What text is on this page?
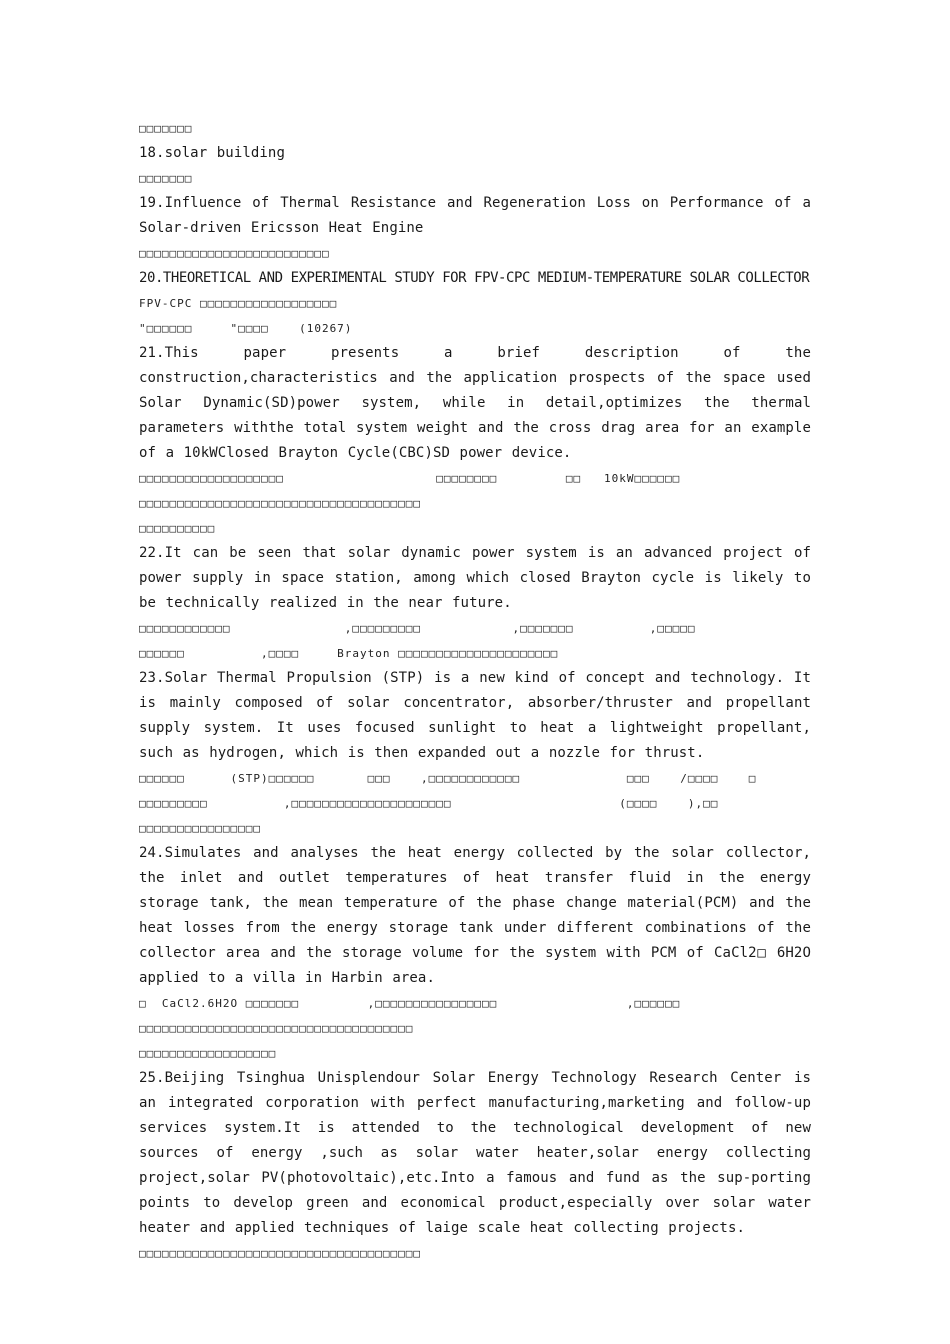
□□□□□□□

18.solar building

□□□□□□□

19.Influence of Thermal Resistance and Regeneration Loss on Performance of a Solar-driven Ericsson Heat Engine

□□□□□□□□□□□□□□□□□□□□□□□□□

20.THEORETICAL AND EXPERIMENTAL STUDY FOR FPV-CPC MEDIUM-TEMPERATURE SOLAR COLLECTOR

FPV-CPC □□□□□□□□□□□□□□□□□□

"□□□□□□     "□□□□    (10267)

21.This paper presents a brief description of the construction,characteristics and the application prospects of the space used Solar Dynamic(SD)power system, while in detail,optimizes the thermal parameters withthe total system weight and the cross drag area for an example of a 10kWClosed Brayton Cycle(CBC)SD power device.

□□□□□□□□□□□□□□□□□□□                    □□□□□□□□         □□   10kW□□□□□□

□□□□□□□□□□□□□□□□□□□□□□□□□□□□□□□□□□□□□

□□□□□□□□□□

22.It can be seen that solar dynamic power system is an advanced project of power supply in space station, among which closed Brayton cycle is likely to be technically realized in the near future.

□□□□□□□□□□□□               ,□□□□□□□□□            ,□□□□□□□          ,□□□□□

□□□□□□          ,□□□□     Brayton □□□□□□□□□□□□□□□□□□□□□

23.Solar Thermal Propulsion (STP) is a new kind of concept and technology. It is mainly composed of solar concentrator, absorber/thruster and propellant supply system. It uses focused sunlight to heat a lightweight propellant, such as hydrogen, which is then expanded out a nozzle for thrust.

□□□□□□      (STP)□□□□□□       □□□    ,□□□□□□□□□□□□              □□□    /□□□□    □

□□□□□□□□□          ,□□□□□□□□□□□□□□□□□□□□□                      (□□□□    ),□□

□□□□□□□□□□□□□□□□

24.Simulates and analyses the heat energy collected by the solar collector, the inlet and outlet temperatures of heat transfer fluid in the energy storage tank, the mean temperature of the phase change material(PCM) and the heat losses from the energy storage tank under different combinations of the collector area and the storage volume for the system with PCM of CaCl2□ 6H2O applied to a villa in Harbin area.

□  CaCl2.6H2O □□□□□□□         ,□□□□□□□□□□□□□□□□                 ,□□□□□□

□□□□□□□□□□□□□□□□□□□□□□□□□□□□□□□□□□□□

□□□□□□□□□□□□□□□□□□

25.Beijing Tsinghua Unisplendour Solar Energy Technology Research Center is an integrated corporation with perfect manufacturing,marketing and follow-up services system.It is attended to the technological development of new sources of energy ,such as solar water heater,solar energy collecting project,solar PV(photovoltaic),etc.Into a famous and fund as the sup-porting points to develop green and economical product,especially over solar water heater and applied techniques of laige scale heat collecting projects.

□□□□□□□□□□□□□□□□□□□□□□□□□□□□□□□□□□□□□
